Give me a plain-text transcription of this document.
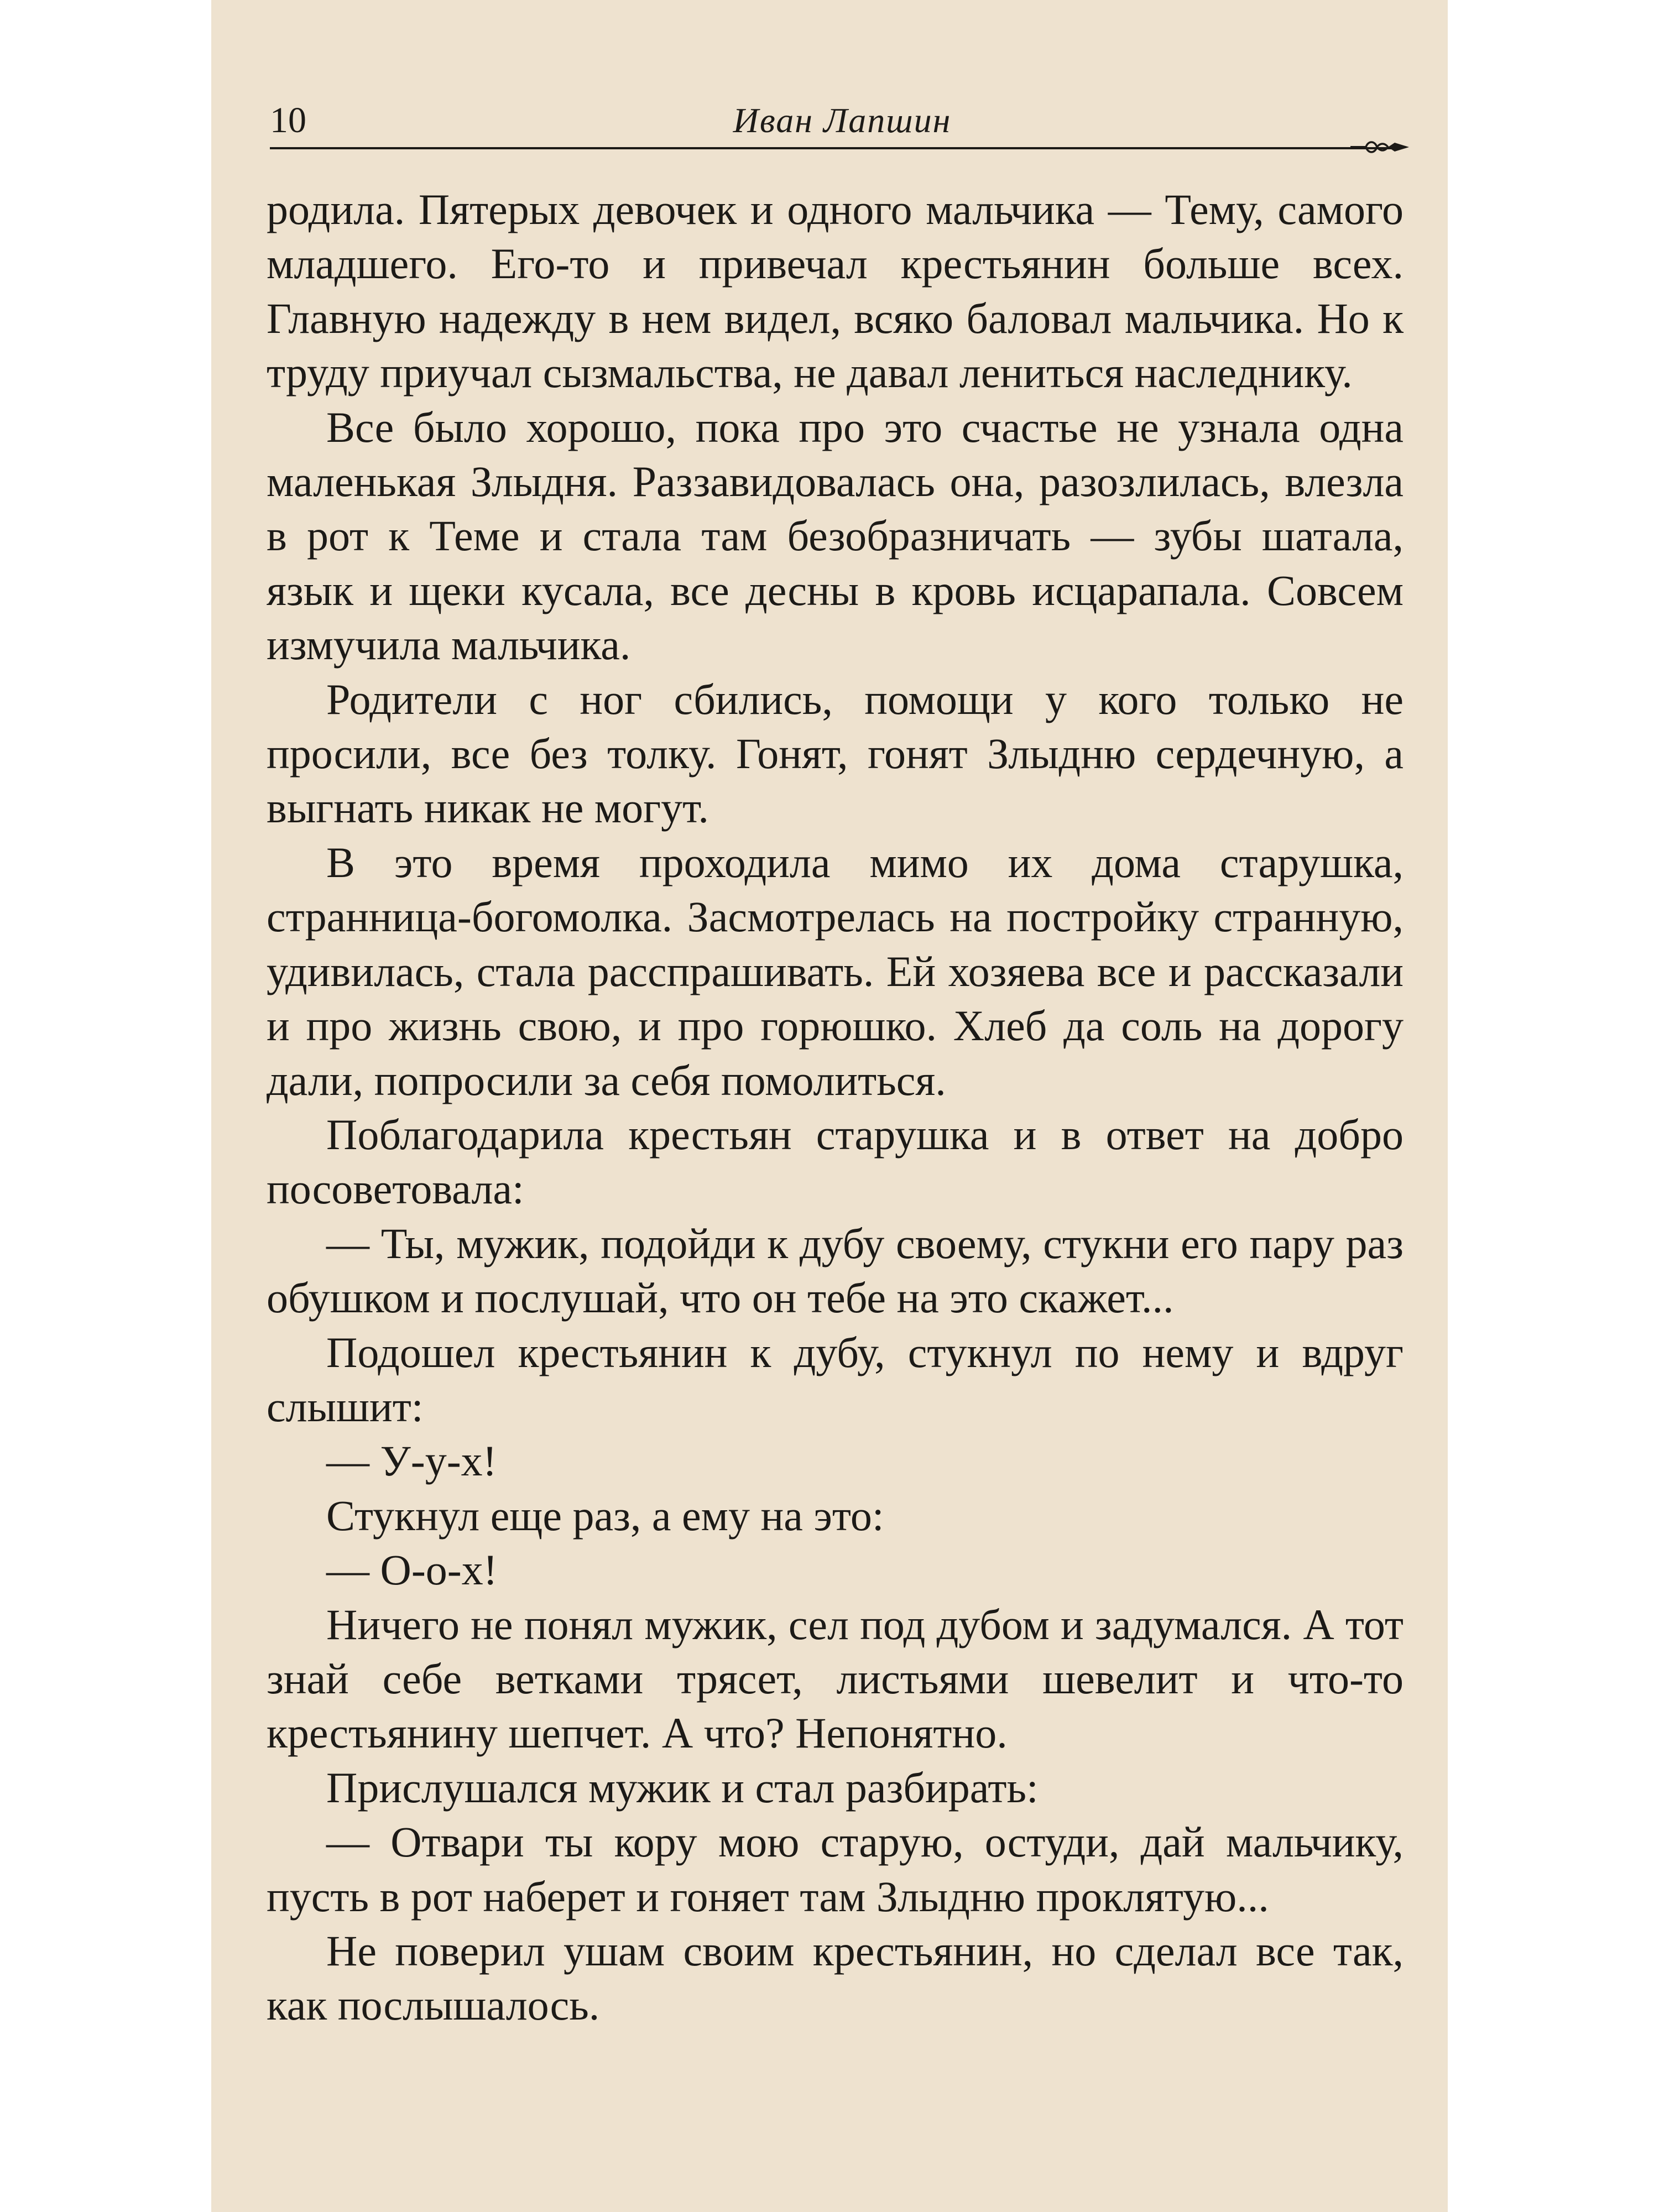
10	Иван Лапшин

родила. Пятерых девочек и одного мальчика — Тему, самого младшего. Его-то и привечал крестьянин больше всех. Главную надежду в нем видел, всяко баловал мальчика. Но к труду приучал сызмальства, не давал лениться наследнику.

Все было хорошо, пока про это счастье не узнала одна маленькая Злыдня. Раззавидовалась она, разозлилась, влезла в рот к Теме и стала там безобразничать — зубы шатала, язык и щеки кусала, все десны в кровь исцарапала. Совсем измучила мальчика.

Родители с ног сбились, помощи у кого только не просили, все без толку. Гонят, гонят Злыдню сердечную, а выгнать никак не могут.

В это время проходила мимо их дома старушка, странница-богомолка. Засмотрелась на постройку странную, удивилась, стала расспрашивать. Ей хозяева все и рассказали и про жизнь свою, и про горюшко. Хлеб да соль на дорогу дали, попросили за себя помолиться.

Поблагодарила крестьян старушка и в ответ на добро посоветовала:

— Ты, мужик, подойди к дубу своему, стукни его пару раз обушком и послушай, что он тебе на это скажет...

Подошел крестьянин к дубу, стукнул по нему и вдруг слышит:

— У-у-х!

Стукнул еще раз, а ему на это:

— О-о-х!

Ничего не понял мужик, сел под дубом и задумался. А тот знай себе ветками трясет, листьями шевелит и что-то крестьянину шепчет. А что? Непонятно.

Прислушался мужик и стал разбирать:

— Отвари ты кору мою старую, остуди, дай мальчику, пусть в рот наберет и гоняет там Злыдню проклятую...

Не поверил ушам своим крестьянин, но сделал все так, как послышалось.
